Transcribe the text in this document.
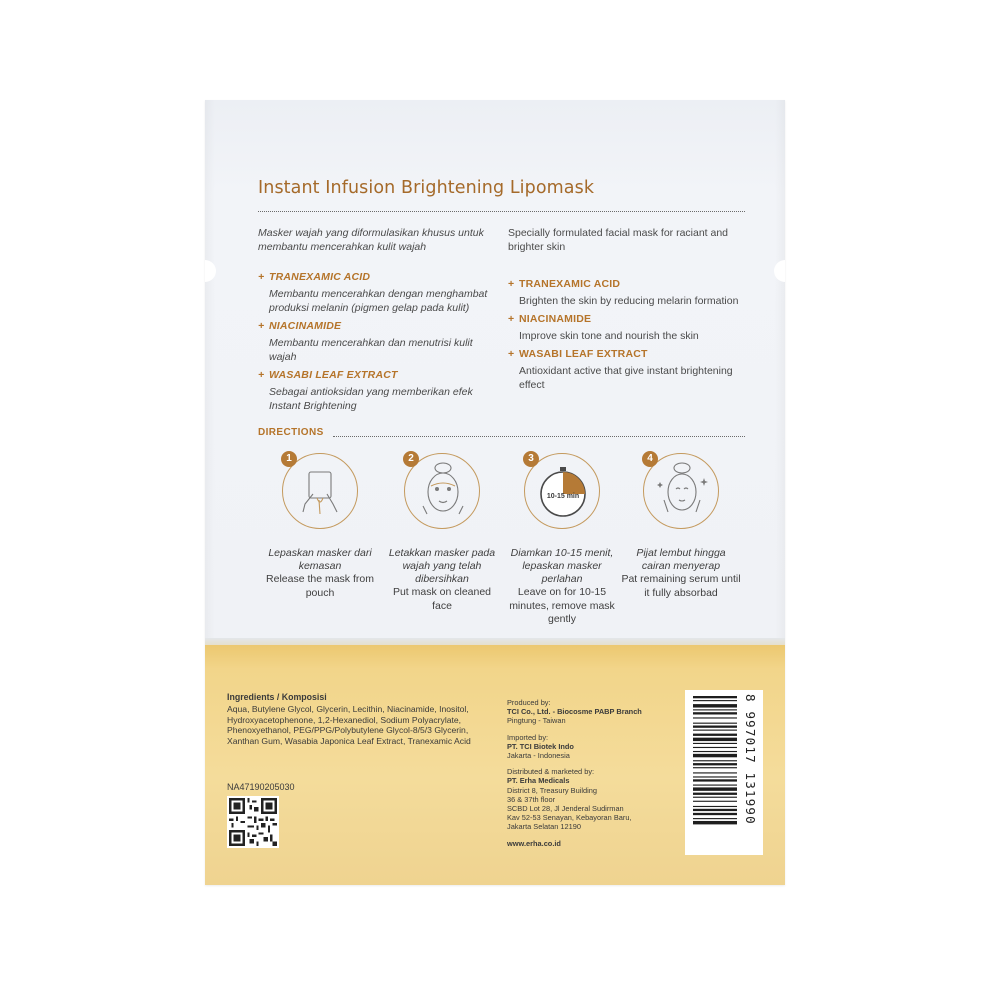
Instant Infusion Brightening Lipomask
Masker wajah yang diformulasikan khusus untuk membantu mencerahkan kulit wajah
+ TRANEXAMIC ACID
Membantu mencerahkan dengan menghambat produksi melanin (pigmen gelap pada kulit)
+ NIACINAMIDE
Membantu mencerahkan dan menutrisi kulit wajah
+ WASABI LEAF EXTRACT
Sebagai antioksidan yang memberikan efek Instant Brightening
Specially formulated facial mask for raciant and brighter skin
+ TRANEXAMIC ACID
Brighten the skin by reducing melarin formation
+ NIACINAMIDE
Improve skin tone and nourish the skin
+ WASABI LEAF EXTRACT
Antioxidant active that give instant brightening effect
DIRECTIONS
1
Lepaskan masker dari kemasan
Release the mask from pouch
2
Letakkan masker pada wajah yang telah dibersihkan
Put mask on cleaned face
3
10-15 min
Diamkan 10-15 menit, lepaskan masker perlahan
Leave on for 10-15 minutes, remove mask gently
4
Pijat lembut hingga cairan menyerap
Pat remaining serum until it fully absorbad
Ingredients / Komposisi
Aqua, Butylene Glycol, Glycerin, Lecithin, Niacinamide, Inositol, Hydroxyacetophenone, 1,2-Hexanediol, Sodium Polyacrylate, Phenoxyethanol, PEG/PPG/Polybutylene Glycol-8/5/3 Glycerin, Xanthan Gum, Wasabia Japonica Leaf Extract, Tranexamic Acid
NA47190205030
Produced by:
TCI Co., Ltd. - Biocosme PABP Branch
Pingtung - Taiwan
Imported by:
PT. TCI Biotek Indo
Jakarta - Indonesia
Distributed & marketed by:
PT. Erha Medicals
District 8, Treasury Building
36 & 37th floor
SCBD Lot 28, Jl Jenderal Sudirman
Kav 52-53 Senayan, Kebayoran Baru,
Jakarta Selatan 12190
www.erha.co.id
8 997017 131990
